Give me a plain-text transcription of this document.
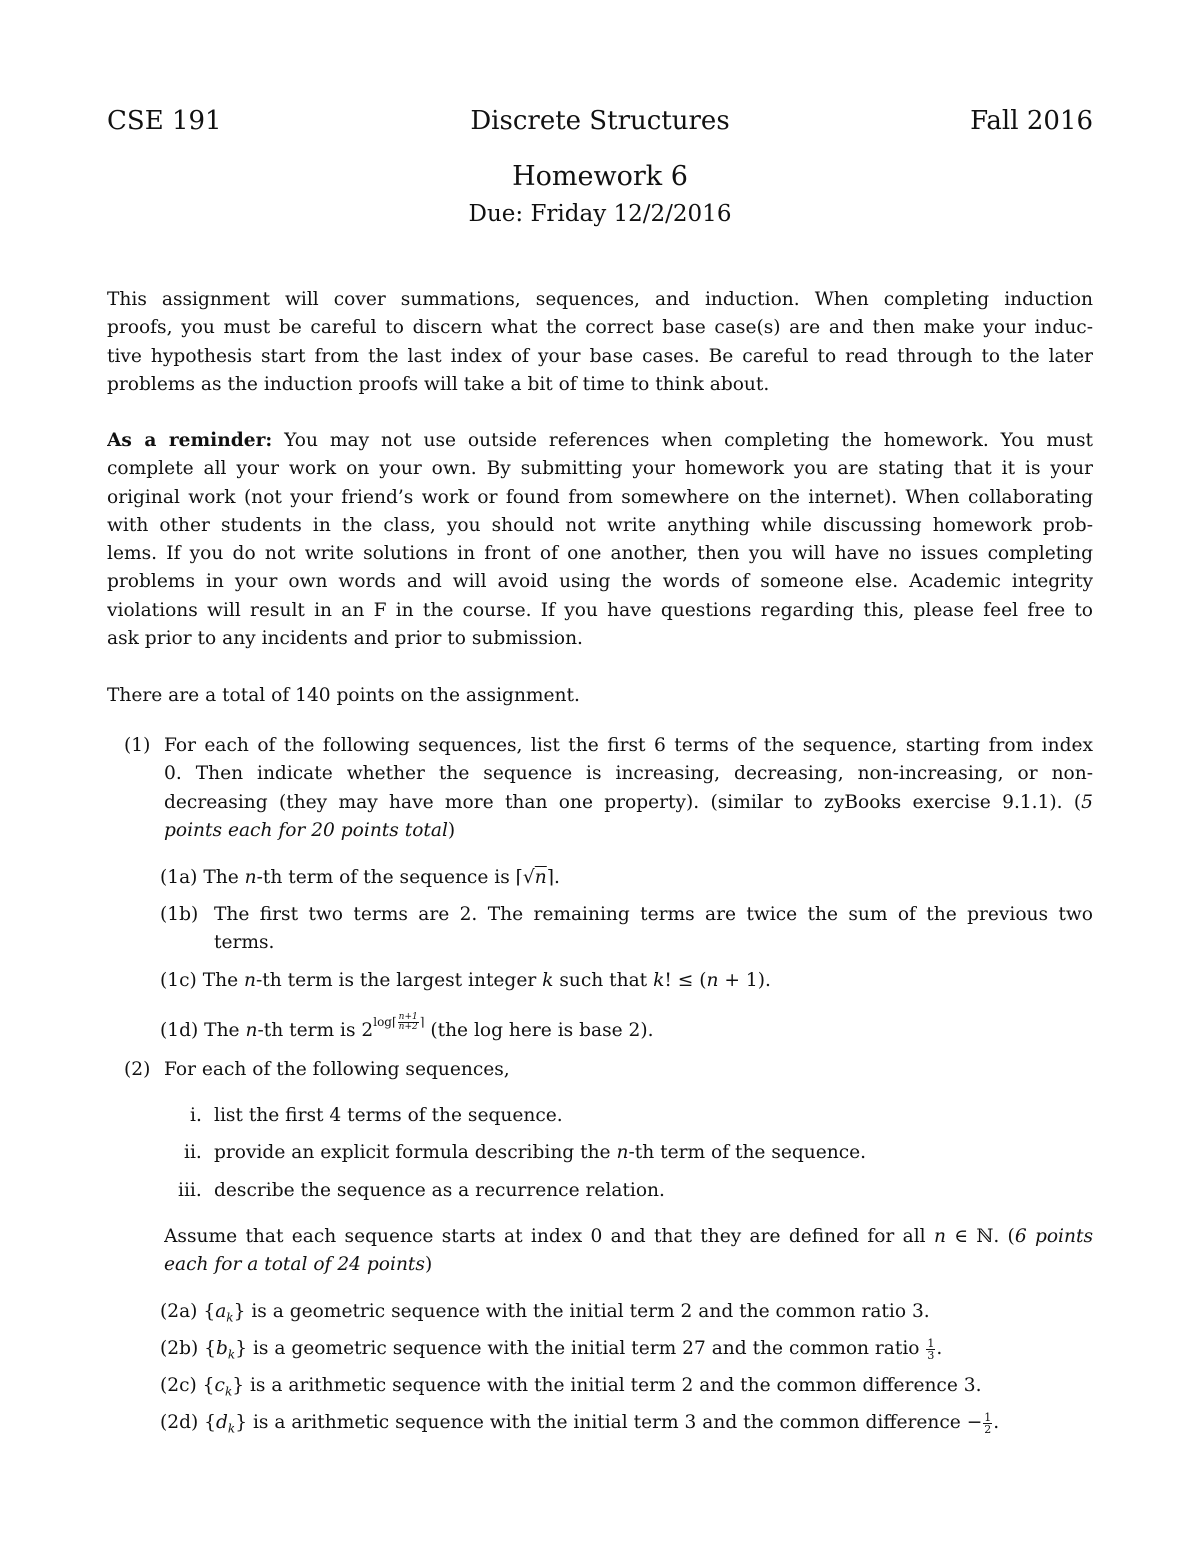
CSE 191	Discrete Structures	Fall 2016
Homework 6
Due: Friday 12/2/2016
This assignment will cover summations, sequences, and induction. When completing induction
proofs, you must be careful to discern what the correct base case(s) are and then make your induc-
tive hypothesis start from the last index of your base cases. Be careful to read through to the later
problems as the induction proofs will take a bit of time to think about.
As a reminder: You may not use outside references when completing the homework. You must
complete all your work on your own. By submitting your homework you are stating that it is your
original work (not your friend’s work or found from somewhere on the internet). When collaborating
with other students in the class, you should not write anything while discussing homework prob-
lems. If you do not write solutions in front of one another, then you will have no issues completing
problems in your own words and will avoid using the words of someone else. Academic integrity
violations will result in an F in the course. If you have questions regarding this, please feel free to
ask prior to any incidents and prior to submission.
There are a total of 140 points on the assignment.
(1) For each of the following sequences, list the first 6 terms of the sequence, starting from index
0. Then indicate whether the sequence is increasing, decreasing, non-increasing, or non-
decreasing (they may have more than one property). (similar to zyBooks exercise 9.1.1). (5
points each for 20 points total)
(1a) The n-th term of the sequence is ⌈√n⌉.
(1b) The first two terms are 2. The remaining terms are twice the sum of the previous two
terms.
(1c) The n-th term is the largest integer k such that k! ≤ (n + 1).
(1d) The n-th term is $2^{log⌈ \frac{n+1}{n+2} ⌉}$ (the log here is base 2).
(2) For each of the following sequences,
i. list the first 4 terms of the sequence.
ii. provide an explicit formula describing the n-th term of the sequence.
iii. describe the sequence as a recurrence relation.
Assume that each sequence starts at index 0 and that they are defined for all n ∈ ℕ. (6 points
each for a total of 24 points)
(2a) $\{a_k\}$ is a geometric sequence with the initial term 2 and the common ratio 3.
(2b) $\{b_k\}$ is a geometric sequence with the initial term 27 and the common ratio $\frac{1}{3}$ .
(2c) $\{c_k\}$ is a arithmetic sequence with the initial term 2 and the common difference 3.
(2d) $\{d_k\}$ is a arithmetic sequence with the initial term 3 and the common difference − $\frac{1}{2}$ .
